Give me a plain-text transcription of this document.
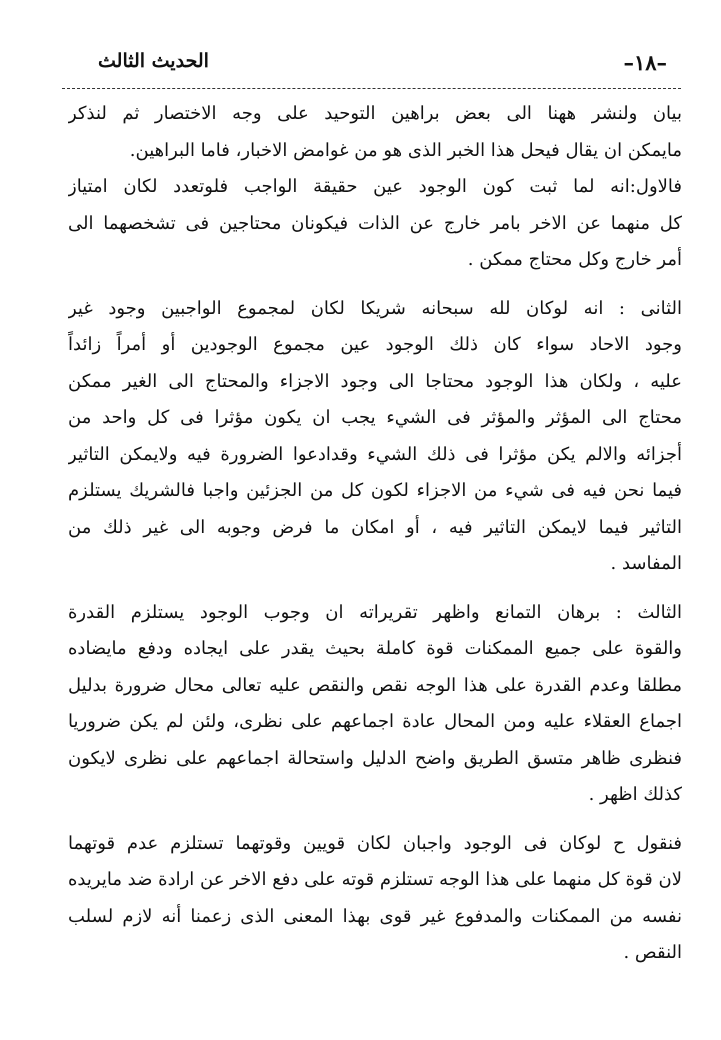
–۱۸–
الحديث الثالث
بيان ولنشر ههنا الى بعض براهين التوحيد على وجه الاختصار ثم لنذكر
مايمكن ان يقال فيحل هذا الخبر الذى هو من غوامض الاخبار، فاما البراهين.
فالاول:انه لما ثبت كون الوجود عين حقيقة الواجب فلوتعدد لكان امتياز
كل منهما عن الاخر بامر خارج عن الذات فيكونان محتاجين فى تشخصهما الى
أمر خارج وكل محتاج ممكن .
الثانى : انه لوكان لله سبحانه شريكا لكان لمجموع الواجبين وجود غير
وجود الاحاد سواء كان ذلك الوجود عين مجموع الوجودين أو أمراً زائداً
عليه ، ولكان هذا الوجود محتاجا الى وجود الاجزاء والمحتاج الى الغير ممكن
محتاج الى المؤثر والمؤثر فى الشيء يجب ان يكون مؤثرا فى كل واحد من
أجزائه والالم يكن مؤثرا فى ذلك الشيء وقدادعوا الضرورة فيه ولايمكن التاثير
فيما نحن فيه فى شيء من الاجزاء لكون كل من الجزئين واجبا فالشريك يستلزم
التاثير فيما لايمكن التاثير فيه ، أو امكان ما فرض وجوبه الى غير ذلك من
المفاسد .
الثالث : برهان التمانع واظهر تقريراته ان وجوب الوجود يستلزم القدرة
والقوة على جميع الممكنات قوة كاملة بحيث يقدر على ايجاده ودفع مايضاده
مطلقا وعدم القدرة على هذا الوجه نقص والنقص عليه تعالى محال ضرورة بدليل
اجماع العقلاء عليه ومن المحال عادة اجماعهم على نظرى، ولئن لم يكن ضروريا
فنظرى ظاهر متسق الطريق واضح الدليل واستحالة اجماعهم على نظرى لايكون
كذلك اظهر .
فنقول ح لوكان فى الوجود واجبان لكان قويين وقوتهما تستلزم عدم قوتهما
لان قوة كل منهما على هذا الوجه تستلزم قوته على دفع الاخر عن ارادة ضد مايريده
نفسه من الممكنات والمدفوع غير قوى بهذا المعنى الذى زعمنا أنه لازم لسلب
النقص .
